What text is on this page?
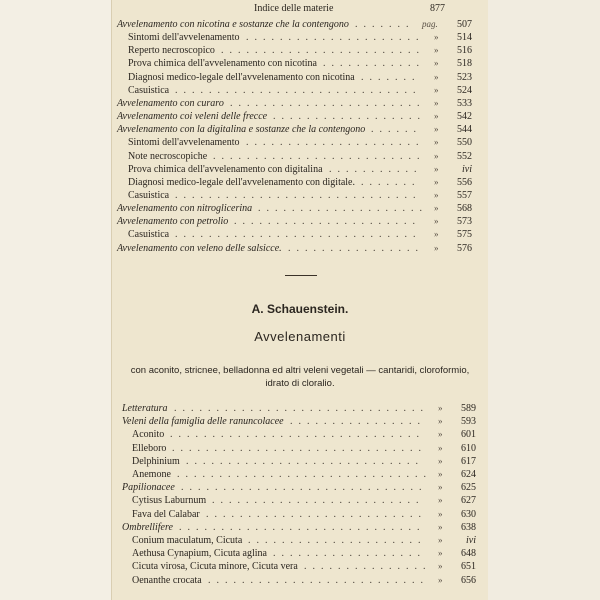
Indice delle materie	877
Avvelenamento con nicotina e sostanze che la contengono ....... pag.	507
Sintomi dell'avvelenamento ..................... »	514
Reperto necroscopico ........................ »	516
Prova chimica dell'avvelenamento con nicotina ............ »	518
Diagnosi medico-legale dell'avvelenamento con nicotina ....... »	523
Casuistica ............................. »	524
Avvelenamento con curaro ....................... »	533
Avvelenamento coi veleni delle frecce .................. »	542
Avvelenamento con la digitalina e sostanze che la contengono ...... »	544
Sintomi dell'avvelenamento ..................... »	550
Note necroscopiche ......................... »	552
Prova chimica dell'avvelenamento con digitalina ........... »	ivi
Diagnosi medico-legale dell'avvelenamento con digitale. ....... »	556
Casuistica ............................. »	557
Avvelenamento con nitroglicerina .................... »	568
Avvelenamento con petrolio ...................... »	573
Casuistica ............................. »	575
Avvelenamento con veleno delle salsicce. ................ »	576
A. Schauenstein.
Avvelenamenti
con aconito, stricnee, belladonna ed altri veleni vegetali — cantaridi, cloroformio,
idrato di cloralio.
Letteratura .............................. »	589
Veleni della famiglia delle ranuncolacee ................ »	593
Aconito .............................. »	601
Elleboro .............................. »	610
Delphinium ............................ »	617
Anemone .............................. »	624
Papilionacee ............................. »	625
Cytisus Laburnum ......................... »	627
Fava del Calabar .......................... »	630
Ombrellifere ............................. »	638
Conium maculatum, Cicuta ..................... »	ivi
Aethusa Cynapium, Cicuta aglina .................. »	648
Cicuta virosa, Cicuta minore, Cicuta vera ............... »	651
Oenanthe crocata .......................... »	656
